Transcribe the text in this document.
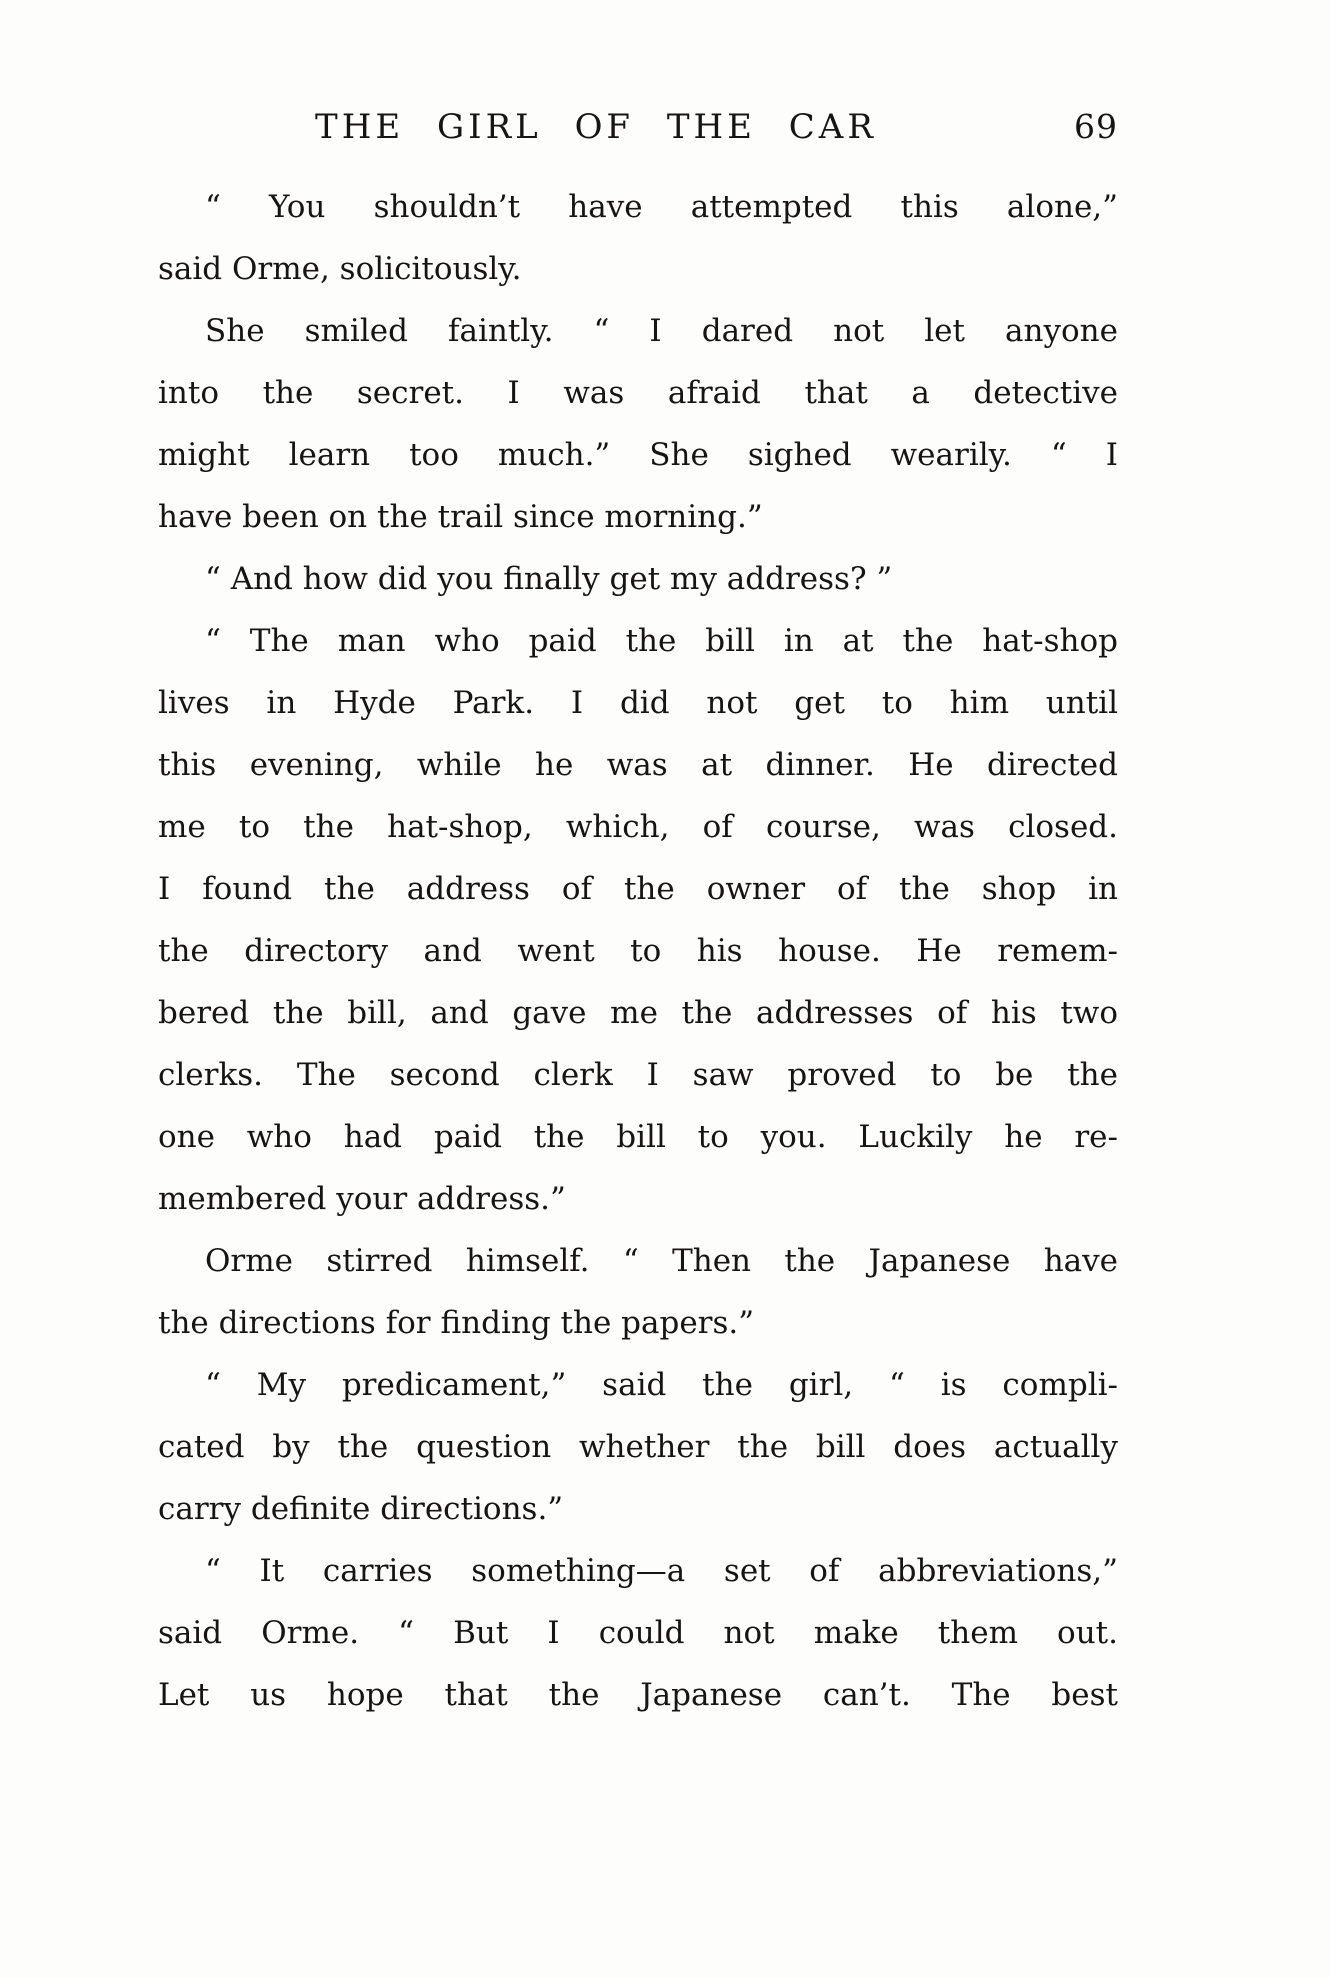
THE GIRL OF THE CAR	69
“ You shouldn’t have attempted this alone,”
said Orme, solicitously.
She smiled faintly. “ I dared not let anyone
into the secret. I was afraid that a detective
might learn too much.” She sighed wearily. “ I
have been on the trail since morning.”
“ And how did you finally get my address? ”
“ The man who paid the bill in at the hat-shop
lives in Hyde Park. I did not get to him until
this evening, while he was at dinner. He directed
me to the hat-shop, which, of course, was closed.
I found the address of the owner of the shop in
the directory and went to his house. He remem-
bered the bill, and gave me the addresses of his two
clerks. The second clerk I saw proved to be the
one who had paid the bill to you. Luckily he re-
membered your address.”
Orme stirred himself. “ Then the Japanese have
the directions for finding the papers.”
“ My predicament,” said the girl, “ is compli-
cated by the question whether the bill does actually
carry definite directions.”
“ It carries something—a set of abbreviations,”
said Orme. “ But I could not make them out.
Let us hope that the Japanese can’t. The best
